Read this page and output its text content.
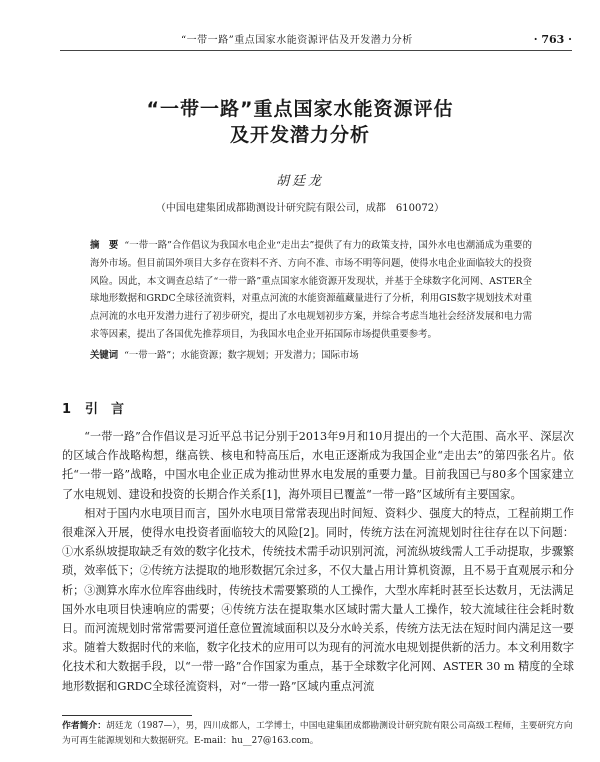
“一带一路”重点国家水能资源评估及开发潜力分析	· 763 ·
“一带一路”重点国家水能资源评估
及开发潜力分析
胡廷龙
（中国电建集团成都勘测设计研究院有限公司，成都　610072）
摘　要 “一带一路”合作倡议为我国水电企业“走出去”提供了有力的政策支持，国外水电也潮涌成为重要的海外市场。但目前国外项目大多存在资料不齐、方向不准、市场不明等问题，使得水电企业面临较大的投资风险。因此，本文调查总结了“一带一路”重点国家水能资源开发现状，并基于全球数字化河网、ASTER全球地形数据和GRDC全球径流资料，对重点河流的水能资源蕴藏量进行了分析，利用GIS数字规划技术对重点河流的水电开发潜力进行了初步研究，提出了水电规划初步方案，并综合考虑当地社会经济发展和电力需求等因素，提出了各国优先推荐项目，为我国水电企业开拓国际市场提供重要参考。
关键词 “一带一路”；水能资源；数字规划；开发潜力；国际市场
1 引　言

“一带一路”合作倡议是习近平总书记分别于2013年9月和10月提出的一个大范围、高水平、深层次的区域合作战略构想，继高铁、核电和特高压后，水电正逐渐成为我国企业“走出去”的第四张名片。依托“一带一路”战略，中国水电企业正成为推动世界水电发展的重要力量。目前我国已与80多个国家建立了水电规划、建设和投资的长期合作关系[1]，海外项目已覆盖“一带一路”区域所有主要国家。

相对于国内水电项目而言，国外水电项目常常表现出时间短、资料少、强度大的特点，工程前期工作很难深入开展，使得水电投资者面临较大的风险[2]。同时，传统方法在河流规划时往往存在以下问题：①水系纵坡提取缺乏有效的数字化技术，传统技术需手动识别河流，河流纵坡线需人工手动提取，步骤繁琐，效率低下；②传统方法提取的地形数据冗余过多，不仅大量占用计算机资源，且不易于直观展示和分析；③测算水库水位库容曲线时，传统技术需要繁琐的人工操作，大型水库耗时甚至长达数月，无法满足国外水电项目快速响应的需要；④传统方法在提取集水区域时需大量人工操作，较大流域往往会耗时数日。而河流规划时常常需要河道任意位置流域面积以及分水岭关系，传统方法无法在短时间内满足这一要求。随着大数据时代的来临，数字化技术的应用可以为现有的河流水电规划提供新的活力。本文利用数字化技术和大数据手段，以“一带一路”合作国家为重点，基于全球数字化河网、ASTER 30 m 精度的全球地形数据和GRDC全球径流资料，对“一带一路”区域内重点河流

作者简介：胡廷龙（1987—），男，四川成都人，工学博士，中国电建集团成都勘测设计研究院有限公司高级工程师，主要研究方向为可再生能源规划和大数据研究。E-mail：hu__27@163.com。
